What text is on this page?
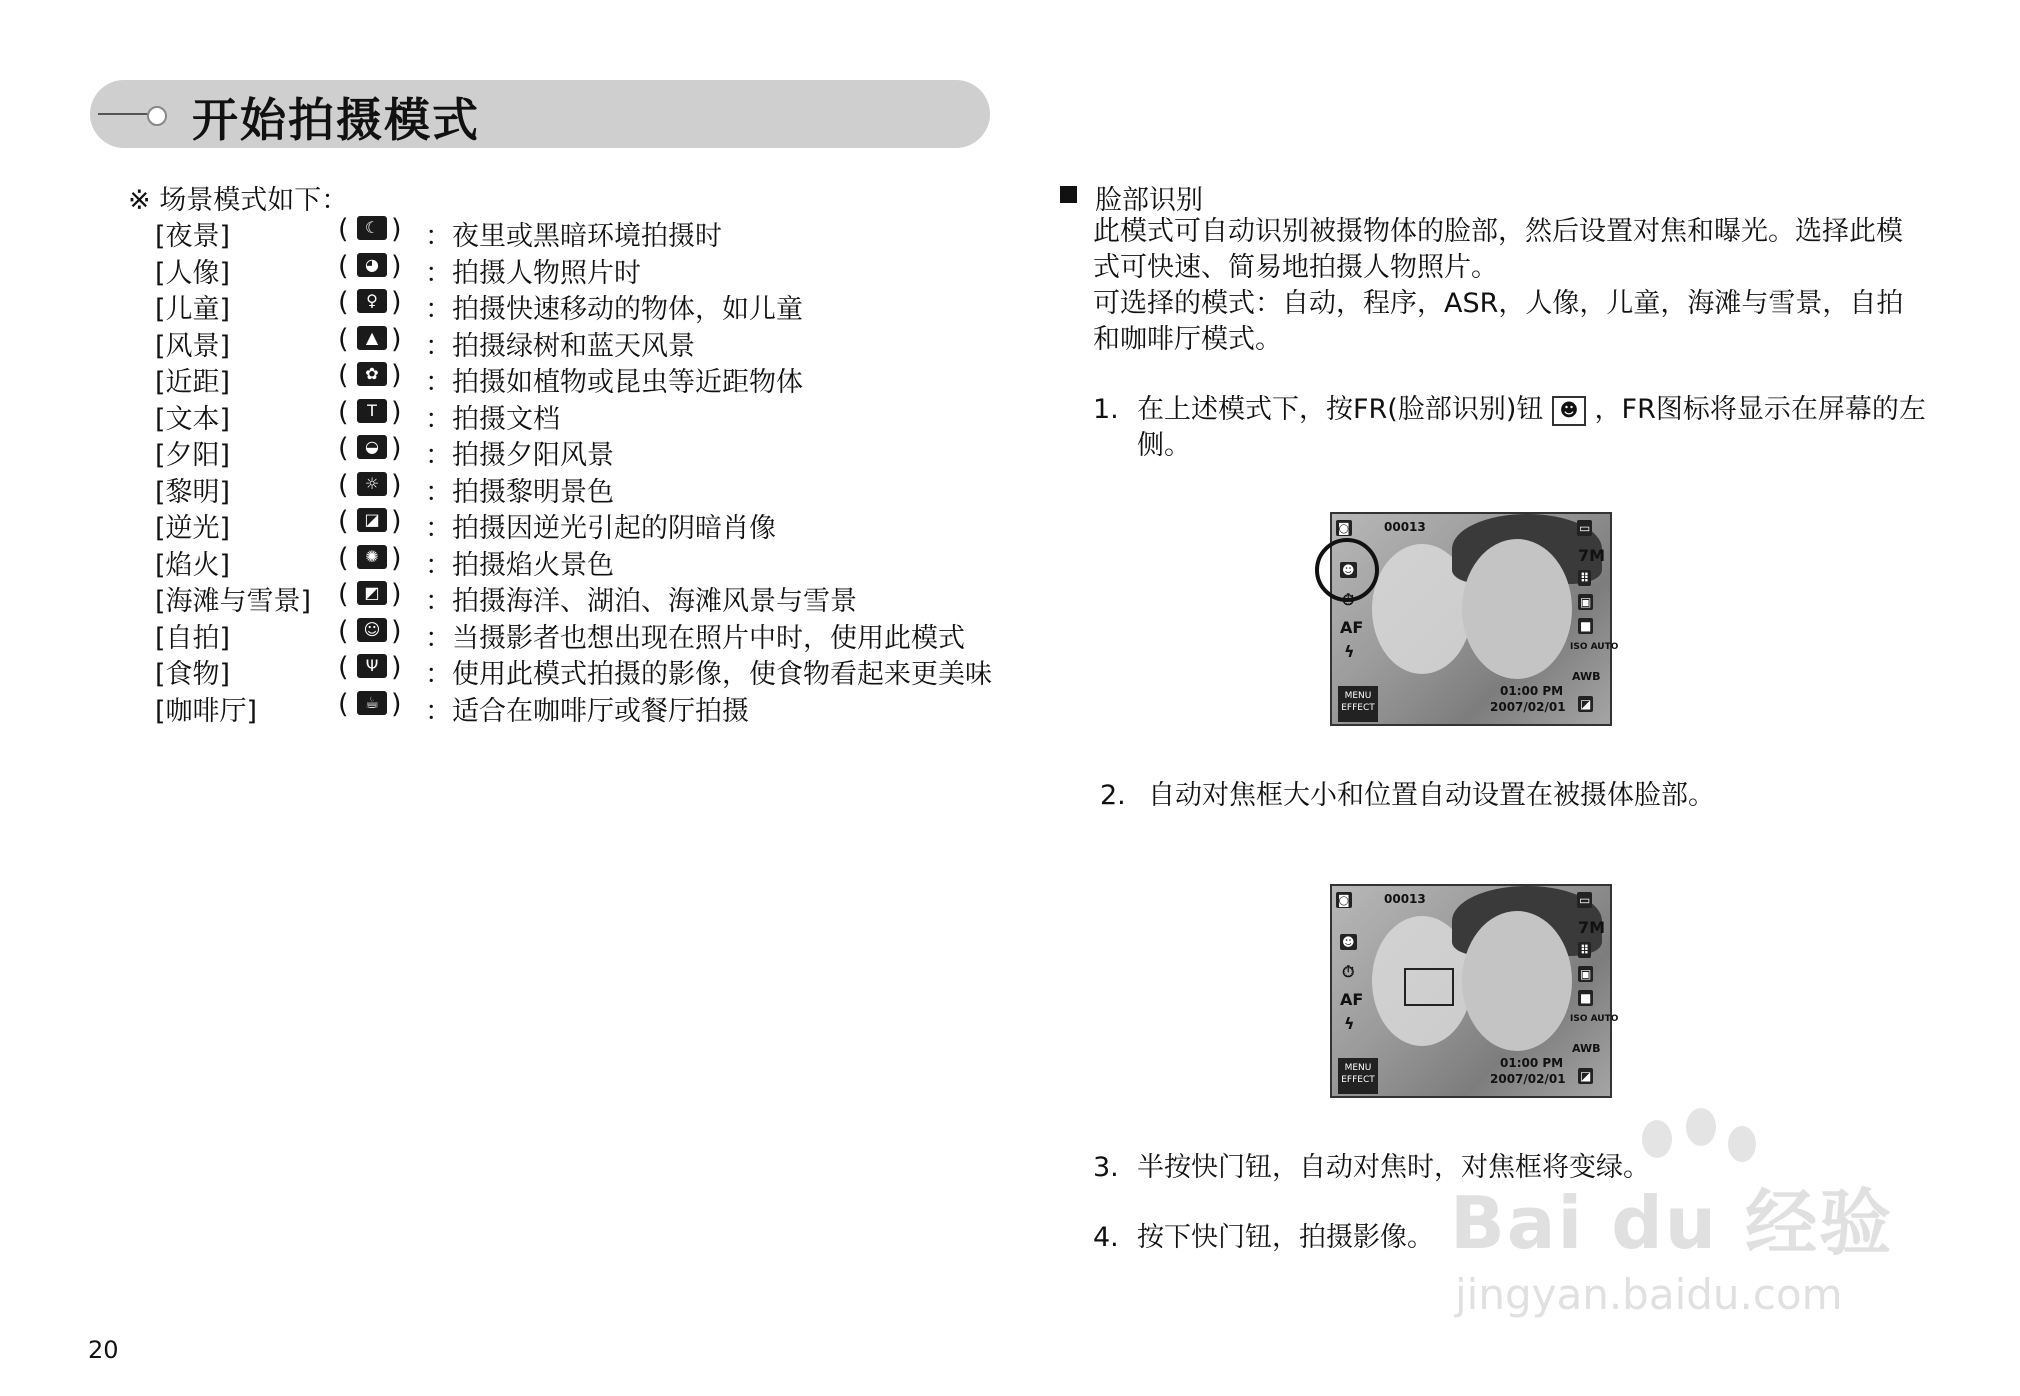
开始拍摄模式
※ 场景模式如下：
[夜景]	(	☾ ) ：夜里或黑暗环境拍摄时
[人像]	(	◕ ) ：拍摄人物照片时
[儿童]	(	♀ ) ：拍摄快速移动的物体，如儿童
[风景]	(	▲ ) ：拍摄绿树和蓝天风景
[近距]	(	✿ ) ：拍摄如植物或昆虫等近距物体
[文本]	(	T ) ：拍摄文档
[夕阳]	(	◒ ) ：拍摄夕阳风景
[黎明]	(	☼ ) ：拍摄黎明景色
[逆光]	( ◪ ) ：拍摄因逆光引起的阴暗肖像
[焰火]	(	✺ ) ：拍摄焰火景色
[海滩与雪景] ( ◩ ) ：拍摄海洋、湖泊、海滩风景与雪景
[自拍]	( ☺ ) ：当摄影者也想出现在照片中时，使用此模式
[食物]	(	Ψ ) ：使用此模式拍摄的影像，使食物看起来更美味
[咖啡厅]	(	☕ ) ：适合在咖啡厅或餐厅拍摄
脸部识别
此模式可自动识别被摄物体的脸部，然后设置对焦和曝光。选择此模
式可快速、简易地拍摄人物照片。
可选择的模式：自动，程序，ASR，人像，儿童，海滩与雪景，自拍
和咖啡厅模式。
1. 在上述模式下，按FR(脸部识别)钮 ☻ ，FR图标将显示在屏幕的左
侧。
◙	00013	▭
☻
7M
⏱
⠿
▣
AF	■
ϟ	ISO AUTO
AWB
01:00 PM
2007/02/01 ◪
MENU
EFFECT
2. 自动对焦框大小和位置自动设置在被摄体脸部。
◙	00013	▭
☻
7M
⏱
⠿
▣
AF	■
ϟ	ISO AUTO
AWB
01:00 PM
2007/02/01 ◪
MENU
EFFECT
3. 半按快门钮，自动对焦时，对焦框将变绿。
4. 按下快门钮，拍摄影像。 Bai du 经验
jingyan.baidu.com
20
